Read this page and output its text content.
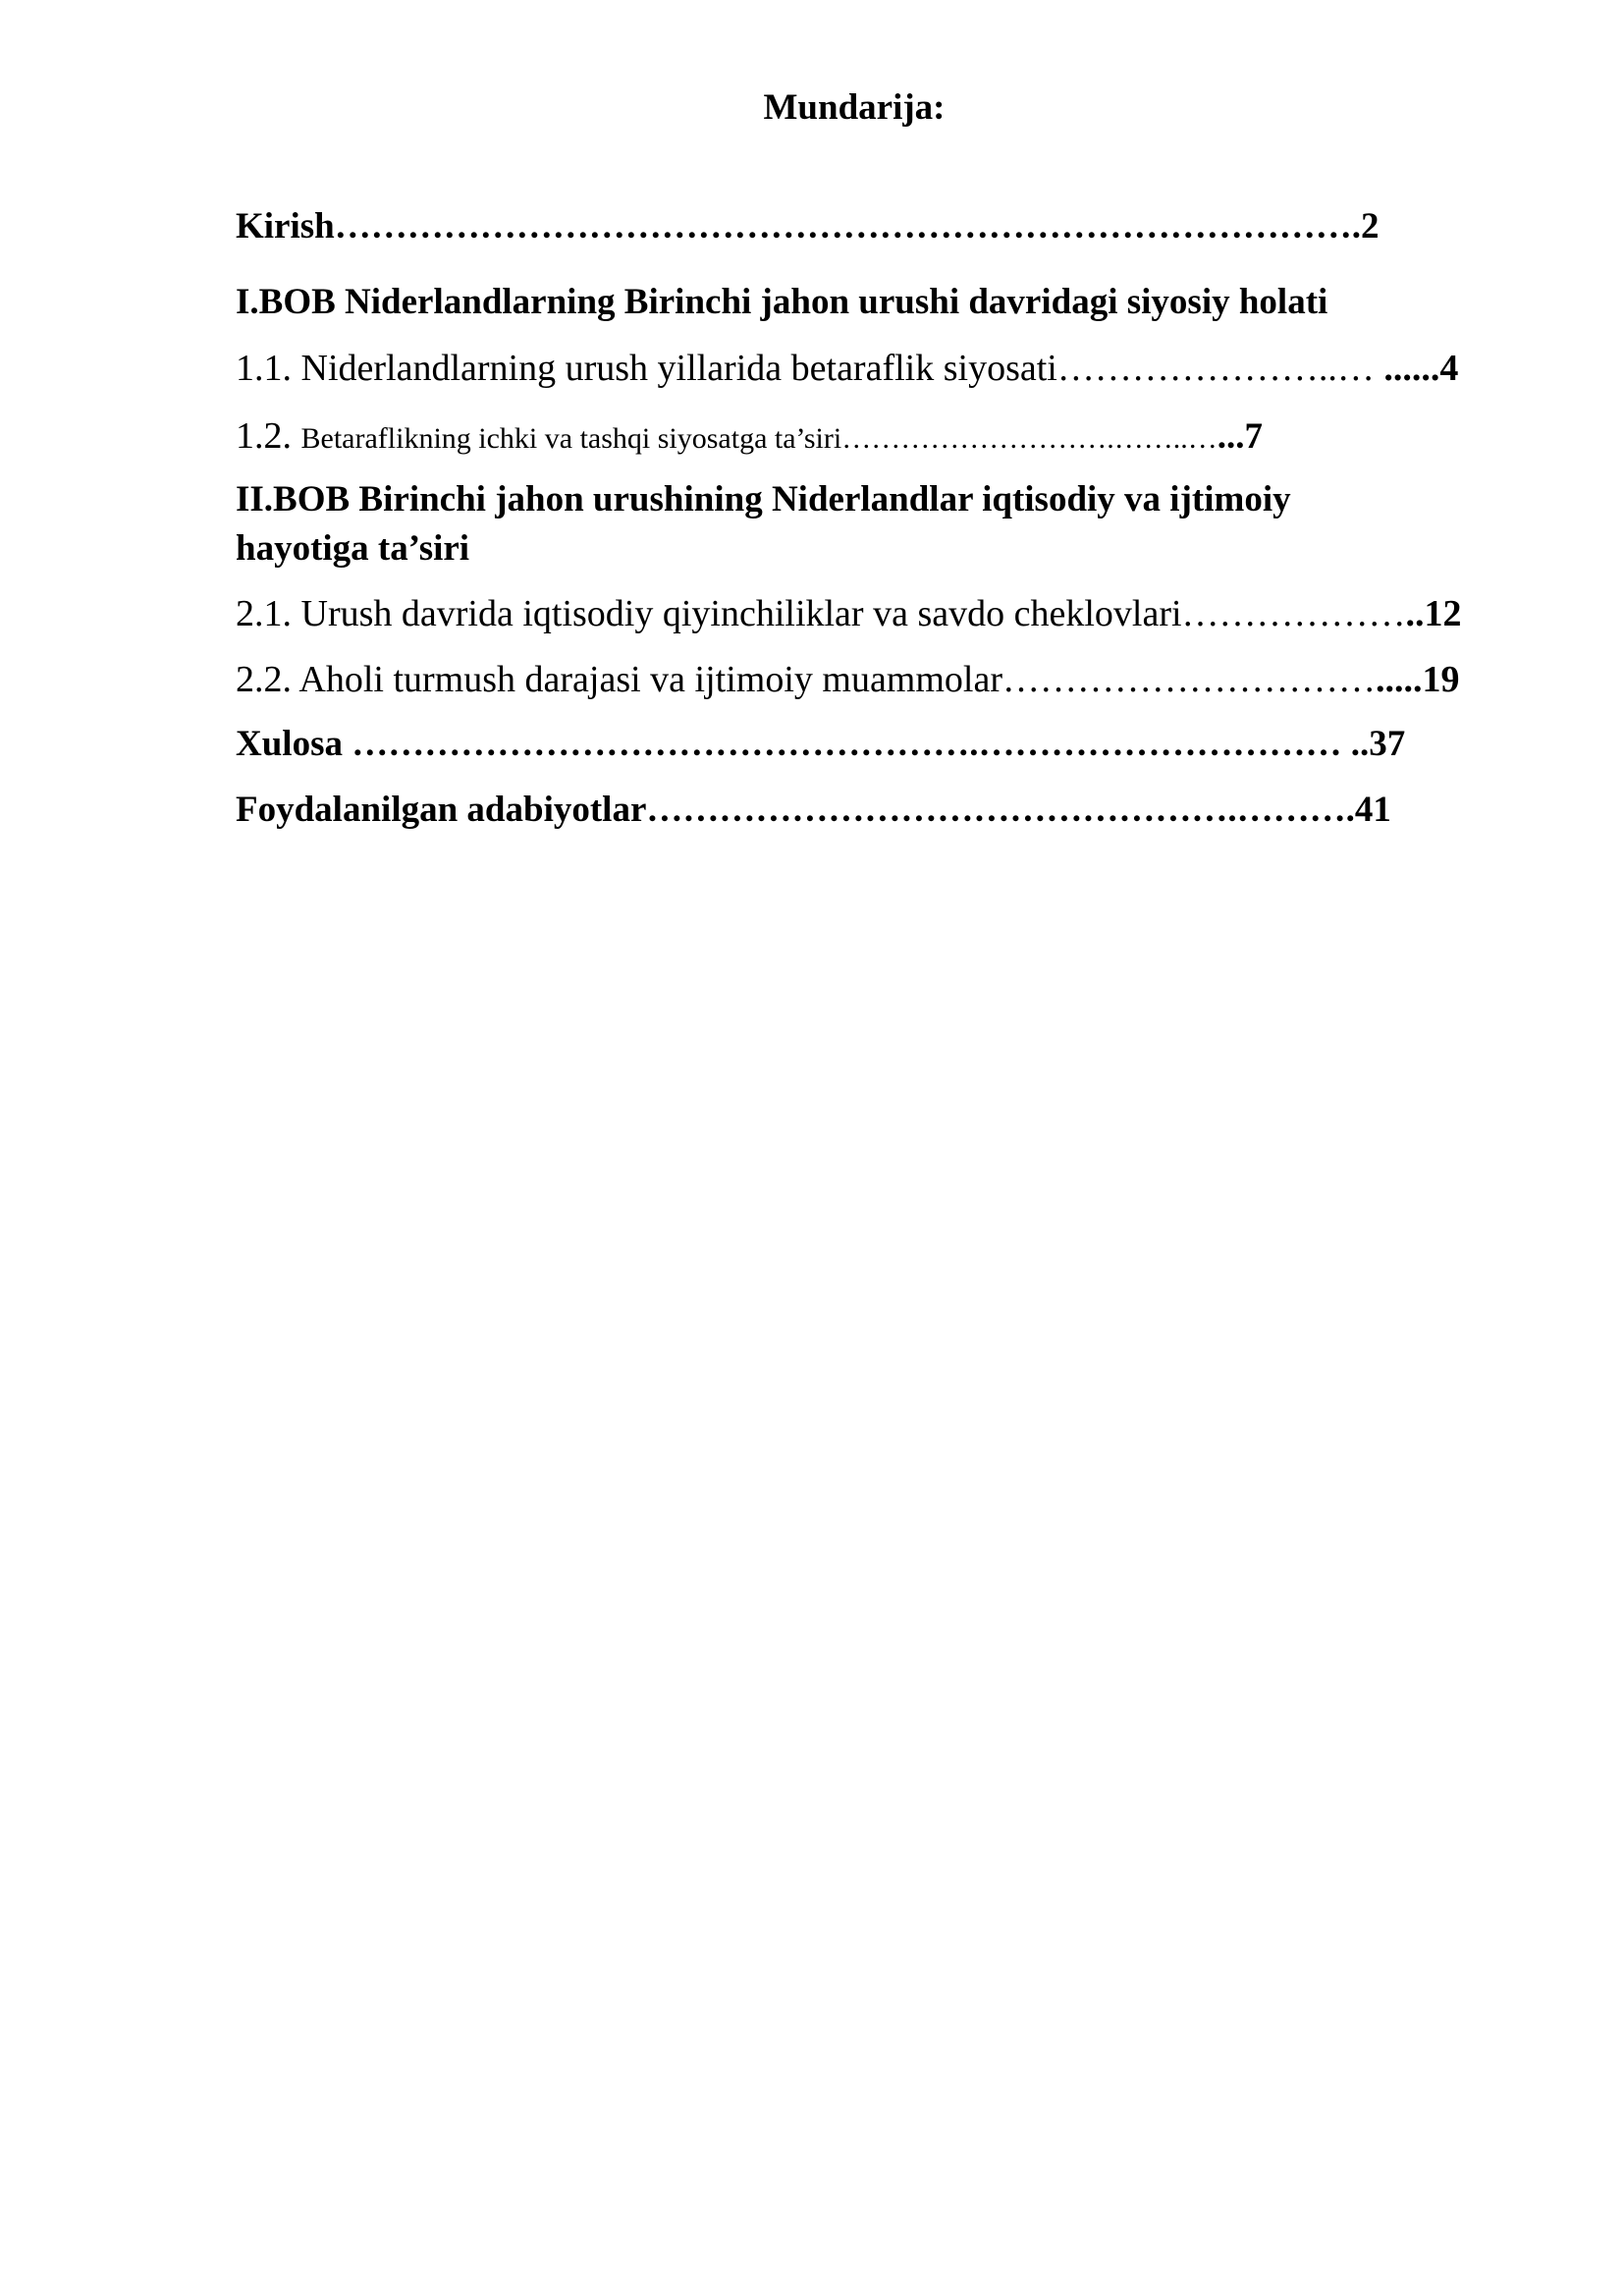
Mundarija:
Kirish………………………………………………………………………….2
I.BOB Niderlandlarning Birinchi jahon urushi davridagi siyosiy holati
1.1. Niderlandlarning urush yillarida betaraflik siyosati…………………..… ......4
1.2. Betaraflikning ichki va tashqi siyosatga ta’siri……………………….……..…...7
II.BOB Birinchi jahon urushining Niderlandlar iqtisodiy va ijtimoiy hayotiga ta’siri
2.1. Urush davrida iqtisodiy qiyinchiliklar va savdo cheklovlari………………..12
2.2. Aholi turmush darajasi va ijtimoiy muammolar………………………….....19
Xulosa …………………………………………….………………………… ..37
Foydalanilgan adabiyotlar………………………………………….……….41
